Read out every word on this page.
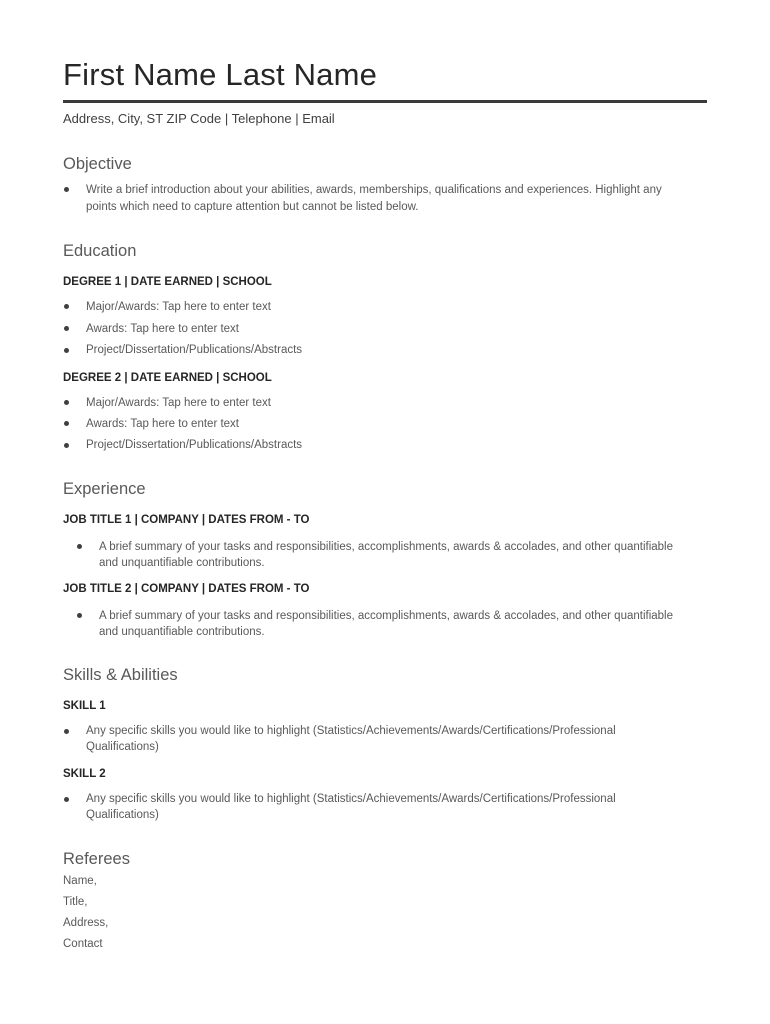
First Name Last Name
Address, City, ST ZIP Code | Telephone | Email
Objective
Write a brief introduction about your abilities, awards, memberships, qualifications and experiences. Highlight any
points which need to capture attention but cannot be listed below.
Education
DEGREE 1 | DATE EARNED | SCHOOL
Major/Awards: Tap here to enter text
Awards: Tap here to enter text
Project/Dissertation/Publications/Abstracts
DEGREE 2 | DATE EARNED | SCHOOL
Major/Awards: Tap here to enter text
Awards: Tap here to enter text
Project/Dissertation/Publications/Abstracts
Experience
JOB TITLE 1 | COMPANY | DATES FROM - TO
A brief summary of your tasks and responsibilities, accomplishments, awards & accolades, and other quantifiable
and unquantifiable contributions.
JOB TITLE 2 | COMPANY | DATES FROM - TO
A brief summary of your tasks and responsibilities, accomplishments, awards & accolades, and other quantifiable
and unquantifiable contributions.
Skills & Abilities
SKILL 1
Any specific skills you would like to highlight (Statistics/Achievements/Awards/Certifications/Professional
Qualifications)
SKILL 2
Any specific skills you would like to highlight (Statistics/Achievements/Awards/Certifications/Professional
Qualifications)
Referees
Name,
Title,
Address,
Contact
